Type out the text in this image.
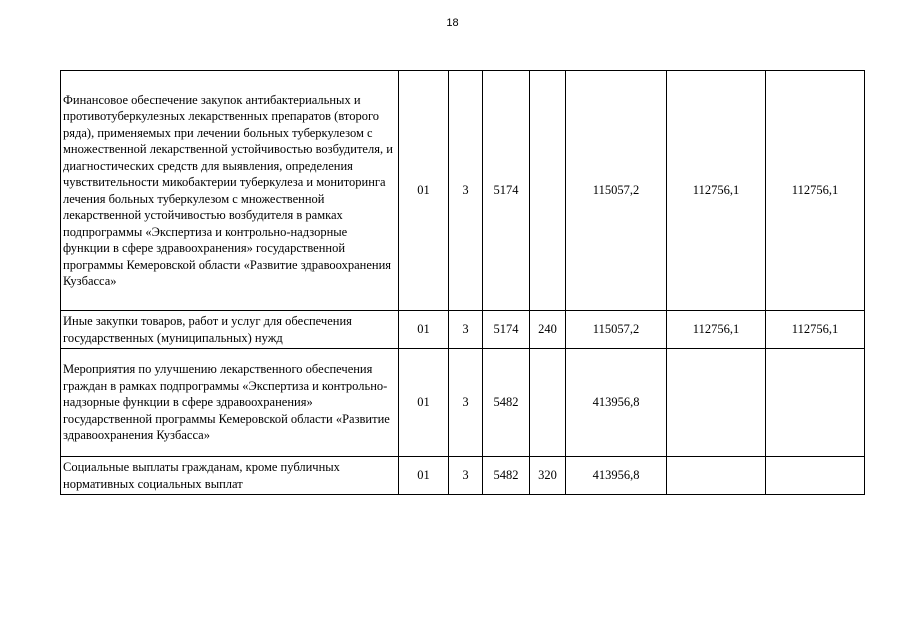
18
Финансовое обеспечение закупок антибактериальных и противотуберкулезных лекарственных препаратов (второго ряда), применяемых при лечении больных туберкулезом с множественной лекарственной устойчивостью возбудителя, и диагностических средств для выявления, определения чувствительности микобактерии туберкулеза и мониторинга лечения больных туберкулезом с множественной лекарственной устойчивостью возбудителя в рамках подпрограммы «Экспертиза и контрольно-надзорные функции в сфере здравоохранения» государственной программы Кемеровской области «Развитие здравоохранения Кузбасса»	01	3	5174		115057,2	112756,1	112756,1
Иные закупки товаров, работ и услуг для обеспечения государственных (муниципальных) нужд	01	3	5174	240	115057,2	112756,1	112756,1
Мероприятия по улучшению лекарственного обеспечения граждан в рамках подпрограммы «Экспертиза и контрольно-надзорные функции в сфере здравоохранения» государственной программы Кемеровской области «Развитие здравоохранения Кузбасса»	01	3	5482		413956,8		
Социальные выплаты гражданам, кроме публичных нормативных социальных выплат	01	3	5482	320	413956,8		
